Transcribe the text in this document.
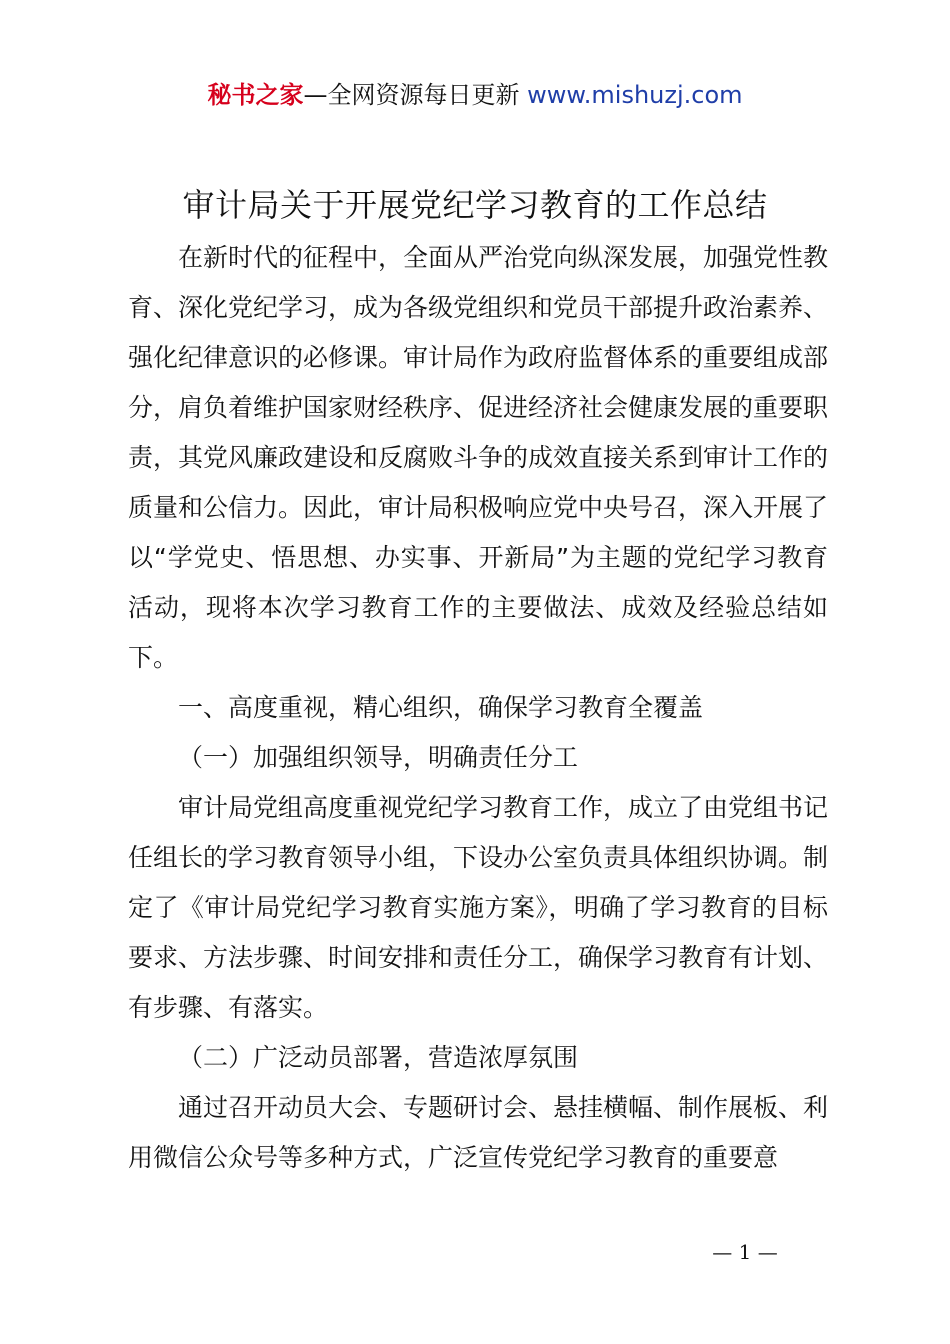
秘书之家—全网资源每日更新 www.mishuzj.com
审计局关于开展党纪学习教育的工作总结

在新时代的征程中，全面从严治党向纵深发展，加强党性教育、深化党纪学习，成为各级党组织和党员干部提升政治素养、强化纪律意识的必修课。审计局作为政府监督体系的重要组成部分，肩负着维护国家财经秩序、促进经济社会健康发展的重要职责，其党风廉政建设和反腐败斗争的成效直接关系到审计工作的质量和公信力。因此，审计局积极响应党中央号召，深入开展了以“学党史、悟思想、办实事、开新局”为主题的党纪学习教育活动，现将本次学习教育工作的主要做法、成效及经验总结如下。

一、高度重视，精心组织，确保学习教育全覆盖

（一）加强组织领导，明确责任分工

审计局党组高度重视党纪学习教育工作，成立了由党组书记任组长的学习教育领导小组，下设办公室负责具体组织协调。制定了《审计局党纪学习教育实施方案》，明确了学习教育的目标要求、方法步骤、时间安排和责任分工，确保学习教育有计划、有步骤、有落实。

（二）广泛动员部署，营造浓厚氛围

通过召开动员大会、专题研讨会、悬挂横幅、制作展板、利用微信公众号等多种方式，广泛宣传党纪学习教育的重要意

— 1 —
